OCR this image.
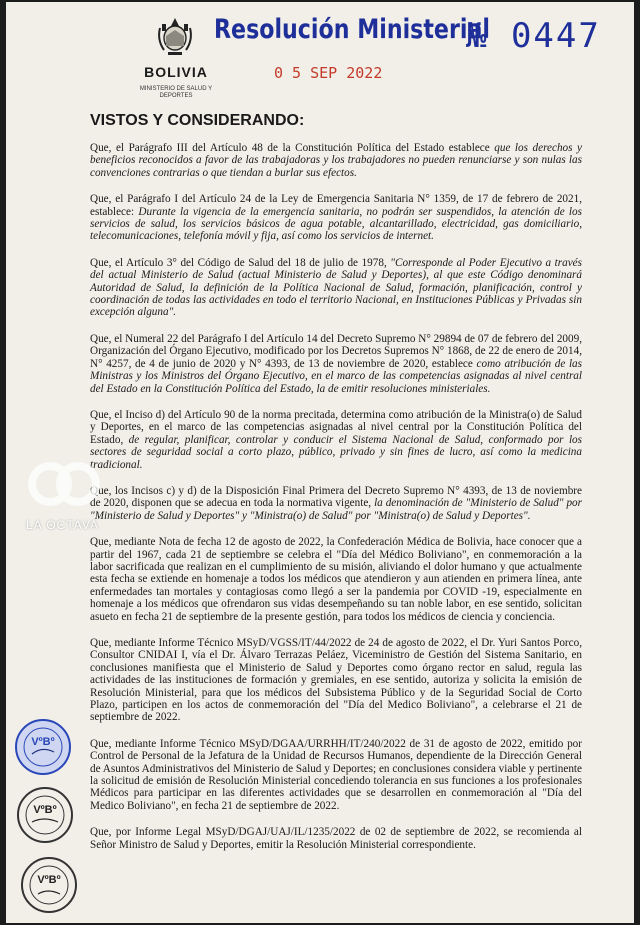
BOLIVIA
MINISTERIO DE SALUD Y DEPORTES
Resolución Ministerial
№ 0447
0 5 SEP 2022
VISTOS Y CONSIDERANDO:

Que, el Parágrafo III del Artículo 48 de la Constitución Política del Estado establece que los derechos y beneficios reconocidos a favor de las trabajadoras y los trabajadores no pueden renunciarse y son nulas las convenciones contrarias o que tiendan a burlar sus efectos.

Que, el Parágrafo I del Artículo 24 de la Ley de Emergencia Sanitaria N° 1359, de 17 de febrero de 2021, establece: Durante la vigencia de la emergencia sanitaria, no podrán ser suspendidos, la atención de los servicios de salud, los servicios básicos de agua potable, alcantarillado, electricidad, gas domiciliario, telecomunicaciones, telefonía móvil y fija, así como los servicios de internet.

Que, el Artículo 3° del Código de Salud del 18 de julio de 1978, "Corresponde al Poder Ejecutivo a través del actual Ministerio de Salud (actual Ministerio de Salud y Deportes), al que este Código denominará Autoridad de Salud, la definición de la Política Nacional de Salud, formación, planificación, control y coordinación de todas las actividades en todo el territorio Nacional, en Instituciones Públicas y Privadas sin excepción alguna".

Que, el Numeral 22 del Parágrafo I del Artículo 14 del Decreto Supremo N° 29894 de 07 de febrero del 2009, Organización del Órgano Ejecutivo, modificado por los Decretos Supremos N° 1868, de 22 de enero de 2014, N° 4257, de 4 de junio de 2020 y N° 4393, de 13 de noviembre de 2020, establece como atribución de las Ministras y los Ministros del Órgano Ejecutivo, en el marco de las competencias asignadas al nivel central del Estado en la Constitución Política del Estado, la de emitir resoluciones ministeriales.

Que, el Inciso d) del Artículo 90 de la norma precitada, determina como atribución de la Ministra(o) de Salud y Deportes, en el marco de las competencias asignadas al nivel central por la Constitución Política del Estado, de regular, planificar, controlar y conducir el Sistema Nacional de Salud, conformado por los sectores de seguridad social a corto plazo, público, privado y sin fines de lucro, así como la medicina tradicional.

Que, los Incisos c) y d) de la Disposición Final Primera del Decreto Supremo N° 4393, de 13 de noviembre de 2020, disponen que se adecua en toda la normativa vigente, la denominación de "Ministerio de Salud" por "Ministerio de Salud y Deportes" y "Ministra(o) de Salud" por "Ministra(o) de Salud y Deportes".

Que, mediante Nota de fecha 12 de agosto de 2022, la Confederación Médica de Bolivia, hace conocer que a partir del 1967, cada 21 de septiembre se celebra el "Día del Médico Boliviano", en conmemoración a la labor sacrificada que realizan en el cumplimiento de su misión, aliviando el dolor humano y que actualmente esta fecha se extiende en homenaje a todos los médicos que atendieron y aun atienden en primera línea, ante enfermedades tan mortales y contagiosas como llegó a ser la pandemia por COVID -19, especialmente en homenaje a los médicos que ofrendaron sus vidas desempeñando su tan noble labor, en ese sentido, solicitan asueto en fecha 21 de septiembre de la presente gestión, para todos los médicos de ciencia y conciencia.

Que, mediante Informe Técnico MSyD/VGSS/IT/44/2022 de 24 de agosto de 2022, el Dr. Yuri Santos Porco, Consultor CNIDAI I, vía el Dr. Álvaro Terrazas Peláez, Viceministro de Gestión del Sistema Sanitario, en conclusiones manifiesta que el Ministerio de Salud y Deportes como órgano rector en salud, regula las actividades de las instituciones de formación y gremiales, en ese sentido, autoriza y solicita la emisión de Resolución Ministerial, para que los médicos del Subsistema Público y de la Seguridad Social de Corto Plazo, participen en los actos de conmemoración del "Día del Medico Boliviano", a celebrarse el 21 de septiembre de 2022.

Que, mediante Informe Técnico MSyD/DGAA/URRHH/IT/240/2022 de 31 de agosto de 2022, emitido por Control de Personal de la Jefatura de la Unidad de Recursos Humanos, dependiente de la Dirección General de Asuntos Administrativos del Ministerio de Salud y Deportes; en conclusiones considera viable y pertinente la solicitud de emisión de Resolución Ministerial concediendo tolerancia en sus funciones a los profesionales Médicos para participar en las diferentes actividades que se desarrollen en conmemoración al "Día del Medico Boliviano", en fecha 21 de septiembre de 2022.

Que, por Informe Legal MSyD/DGAJ/UAJ/IL/1235/2022 de 02 de septiembre de 2022, se recomienda al Señor Ministro de Salud y Deportes, emitir la Resolución Ministerial correspondiente.

LA OCTAVA
VºBº
VºBº
VºBº
